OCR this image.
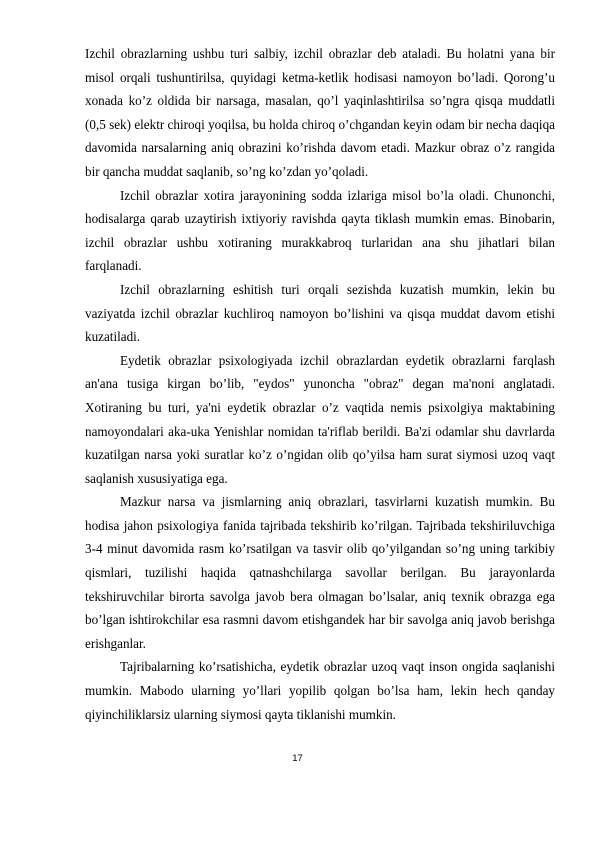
Izchil obrazlarning ushbu turi salbiy, izchil obrazlar deb ataladi. Bu holatni yana bir misol orqali tushuntirilsa, quyidagi ketma-ketlik hodisasi namoyon bo’ladi. Qorong’u xonada ko’z oldida bir narsaga, masalan, qo’l yaqinlashtirilsa so’ngra qisqa muddatli (0,5 sek) elektr chiroqi yoqilsa, bu holda chiroq o’chgandan keyin odam bir necha daqiqa davomida narsalarning aniq obrazini ko’rishda davom etadi. Mazkur obraz o’z rangida bir qancha muddat saqlanib, so’ng ko’zdan yo’qoladi.

Izchil obrazlar xotira jarayonining sodda izlariga misol bo’la oladi. Chunonchi, hodisalarga qarab uzaytirish ixtiyoriy ravishda qayta tiklash mumkin emas. Binobarin, izchil obrazlar ushbu xotiraning murakkabroq turlaridan ana shu jihatlari bilan farqlanadi.

Izchil obrazlarning eshitish turi orqali sezishda kuzatish mumkin, lekin bu vaziyatda izchil obrazlar kuchliroq namoyon bo’lishini va qisqa muddat davom etishi kuzatiladi.

Eydetik obrazlar psixologiyada izchil obrazlardan eydetik obrazlarni farqlash an'ana tusiga kirgan bo’lib, "eydos" yunoncha "obraz" degan ma'noni anglatadi. Xotiraning bu turi, ya'ni eydetik obrazlar o’z vaqtida nemis psixolgiya maktabining namoyondalari aka-uka Yenishlar nomidan ta'riflab berildi. Ba'zi odamlar shu davrlarda kuzatilgan narsa yoki suratlar ko’z o’ngidan olib qo’yilsa ham surat siymosi uzoq vaqt saqlanish xususiyatiga ega.

Mazkur narsa va jismlarning aniq obrazlari, tasvirlarni kuzatish mumkin. Bu hodisa jahon psixologiya fanida tajribada tekshirib ko’rilgan. Tajribada tekshiriluvchiga 3-4 minut davomida rasm ko’rsatilgan va tasvir olib qo’yilgandan so’ng uning tarkibiy qismlari, tuzilishi haqida qatnashchilarga savollar berilgan. Bu jarayonlarda tekshiruvchilar birorta savolga javob bera olmagan bo’lsalar, aniq texnik obrazga ega bo’lgan ishtirokchilar esa rasmni davom etishgandek har bir savolga aniq javob berishga erishganlar.

Tajribalarning ko’rsatishicha, eydetik obrazlar uzoq vaqt inson ongida saqlanishi mumkin. Mabodo ularning yo’llari yopilib qolgan bo’lsa ham, lekin hech qanday qiyinchiliklarsiz ularning siymosi qayta tiklanishi mumkin.

17
